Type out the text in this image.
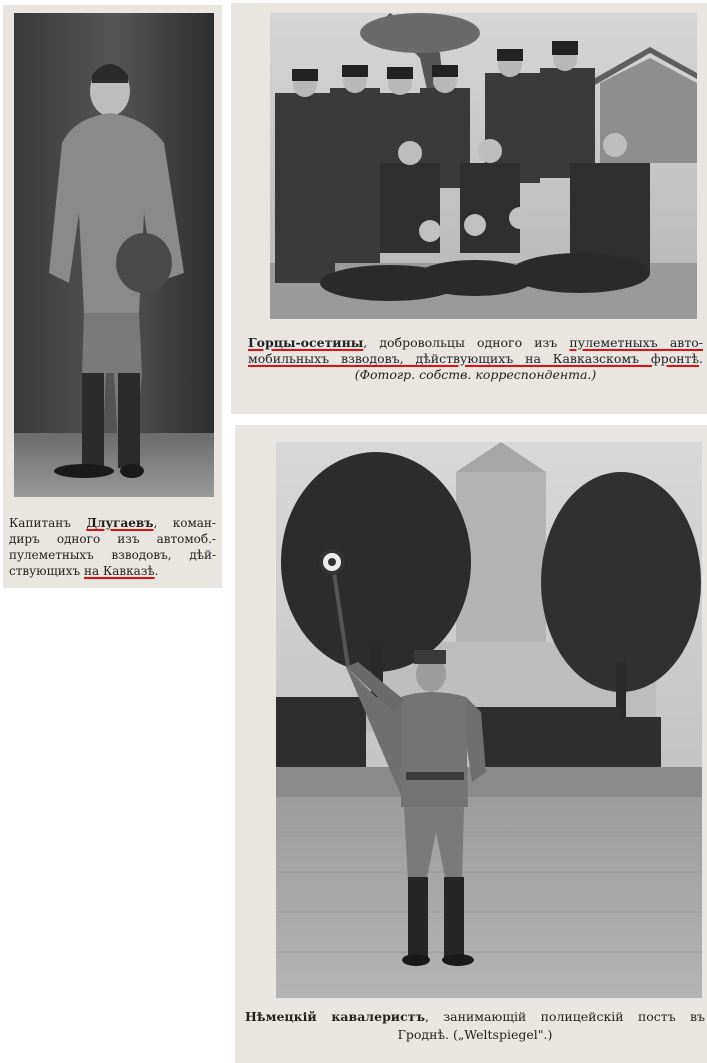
Капитанъ Длугаевъ, коман-
диръ одного изъ автомоб.-
пулеметныхъ взводовъ, дѣй-
ствующихъ на Кавказѣ.
Горцы-осетины, добровольцы одного изъ пулеметныхъ авто-
мобильныхъ взводовъ, дѣйствующихъ на Кавказскомъ фронтѣ.
(Фотогр. собств. корреспондента.)
Нѣмецкій кавалеристъ, занимающій полицейскій постъ въ
Гроднѣ. („Weltspiegel".)
